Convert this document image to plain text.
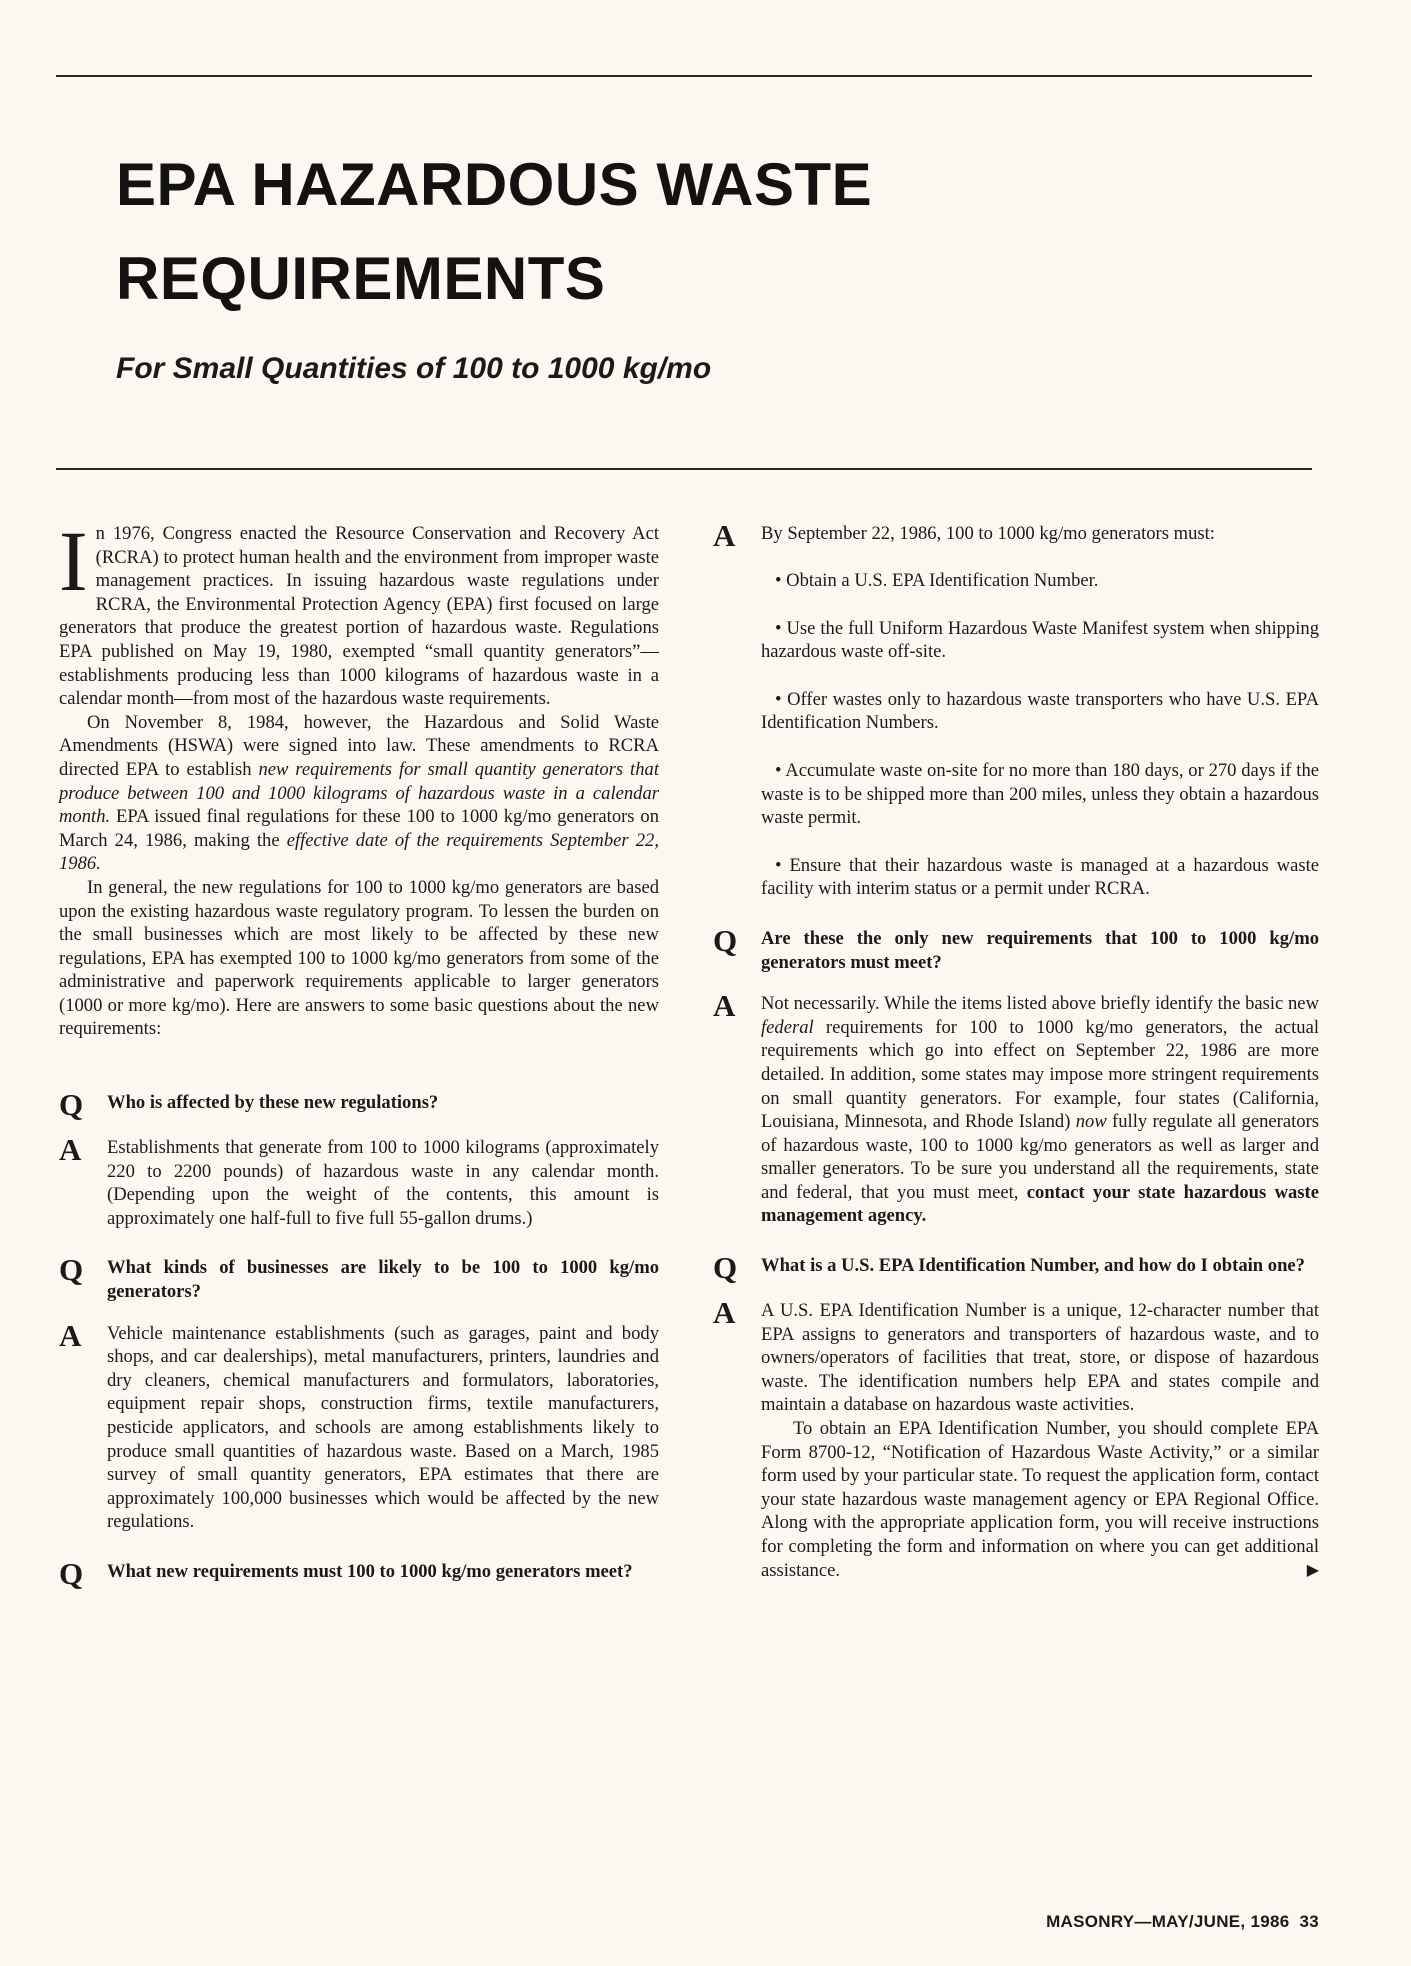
EPA HAZARDOUS WASTE
REQUIREMENTS
For Small Quantities of 100 to 1000 kg/mo

In 1976, Congress enacted the Resource Conservation and Recovery Act (RCRA) to protect human health and the environment from improper waste management practices. In issuing hazardous waste regulations under RCRA, the Environmental Protection Agency (EPA) first focused on large generators that produce the greatest portion of hazardous waste. Regulations EPA published on May 19, 1980, exempted “small quantity generators”—establishments producing less than 1000 kilograms of hazardous waste in a calendar month—from most of the hazardous waste requirements.

On November 8, 1984, however, the Hazardous and Solid Waste Amendments (HSWA) were signed into law. These amendments to RCRA directed EPA to establish new requirements for small quantity generators that produce between 100 and 1000 kilograms of hazardous waste in a calendar month. EPA issued final regulations for these 100 to 1000 kg/mo generators on March 24, 1986, making the effective date of the requirements September 22, 1986.

In general, the new regulations for 100 to 1000 kg/mo generators are based upon the existing hazardous waste regulatory program. To lessen the burden on the small businesses which are most likely to be affected by these new regulations, EPA has exempted 100 to 1000 kg/mo generators from some of the administrative and paperwork requirements applicable to larger generators (1000 or more kg/mo). Here are answers to some basic questions about the new requirements:

Q	Who is affected by these new regulations?
A	Establishments that generate from 100 to 1000 kilograms (approximately 220 to 2200 pounds) of hazardous waste in any calendar month. (Depending upon the weight of the contents, this amount is approximately one half-full to five full 55-gallon drums.)
Q	What kinds of businesses are likely to be 100 to 1000 kg/mo generators?
A	Vehicle maintenance establishments (such as garages, paint and body shops, and car dealerships), metal manufacturers, printers, laundries and dry cleaners, chemical manufacturers and formulators, laboratories, equipment repair shops, construction firms, textile manufacturers, pesticide applicators, and schools are among establishments likely to produce small quantities of hazardous waste. Based on a March, 1985 survey of small quantity generators, EPA estimates that there are approximately 100,000 businesses which would be affected by the new regulations.
Q	What new requirements must 100 to 1000 kg/mo generators meet?
A	By September 22, 1986, 100 to 1000 kg/mo generators must:

• Obtain a U.S. EPA Identification Number.

• Use the full Uniform Hazardous Waste Manifest system when shipping hazardous waste off-site.

• Offer wastes only to hazardous waste transporters who have U.S. EPA Identification Numbers.

• Accumulate waste on-site for no more than 180 days, or 270 days if the waste is to be shipped more than 200 miles, unless they obtain a hazardous waste permit.

• Ensure that their hazardous waste is managed at a hazardous waste facility with interim status or a permit under RCRA.

Q	Are these the only new requirements that 100 to 1000 kg/mo generators must meet?
A	Not necessarily. While the items listed above briefly identify the basic new federal requirements for 100 to 1000 kg/mo generators, the actual requirements which go into effect on September 22, 1986 are more detailed. In addition, some states may impose more stringent requirements on small quantity generators. For example, four states (California, Louisiana, Minnesota, and Rhode Island) now fully regulate all generators of hazardous waste, 100 to 1000 kg/mo generators as well as larger and smaller generators. To be sure you understand all the requirements, state and federal, that you must meet, contact your state hazardous waste management agency.
Q	What is a U.S. EPA Identification Number, and how do I obtain one?
A	A U.S. EPA Identification Number is a unique, 12-character number that EPA assigns to generators and transporters of hazardous waste, and to owners/operators of facilities that treat, store, or dispose of hazardous waste. The identification numbers help EPA and states compile and maintain a database on hazardous waste activities.

To obtain an EPA Identification Number, you should complete EPA Form 8700-12, “Notification of Hazardous Waste Activity,” or a similar form used by your particular state. To request the application form, contact your state hazardous waste management agency or EPA Regional Office. Along with the appropriate application form, you will receive instructions for completing the form and information on where you can get additional assistance.	▶

MASONRY—MAY/JUNE, 1986 33
